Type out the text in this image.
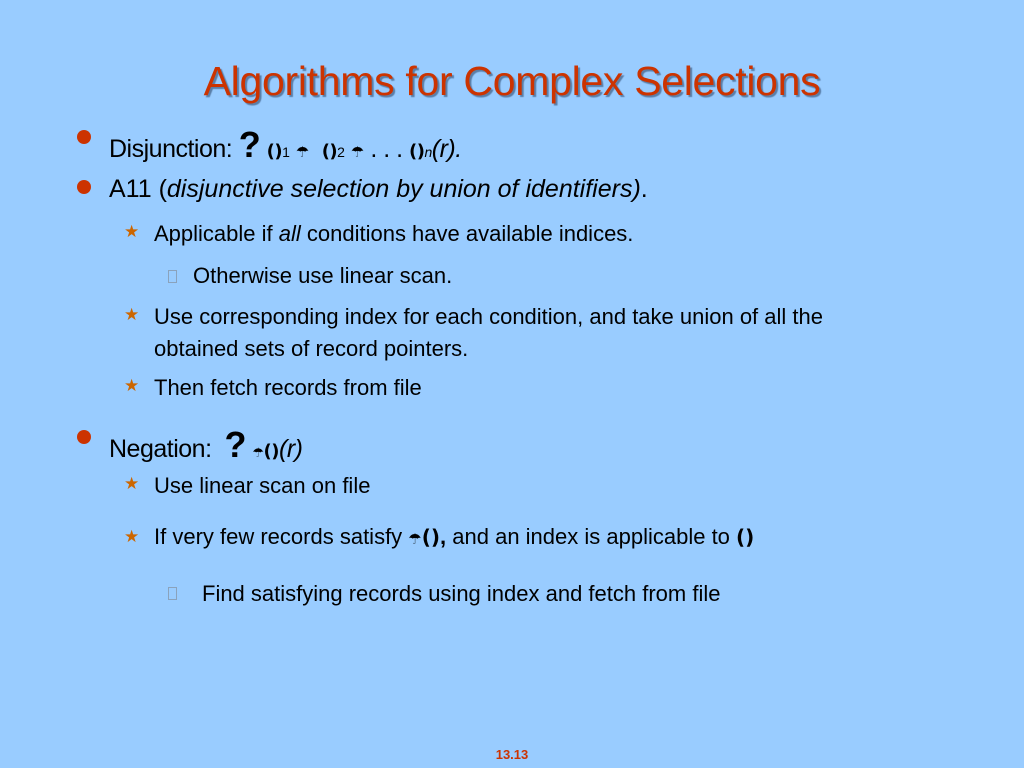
Algorithms for Complex Selections
Disjunction: ? ()1 ☂ ()2 ☂ . . . ()n(r).
A11 (disjunctive selection by union of identifiers).
★ Applicable if all conditions have available indices.
Otherwise use linear scan.
★ Use corresponding index for each condition, and take union of all the
obtained sets of record pointers.
★ Then fetch records from file
Negation: ? ☂()(r)
★ Use linear scan on file
★ If very few records satisfy ☂(), and an index is applicable to ()
Find satisfying records using index and fetch from file
13.13
